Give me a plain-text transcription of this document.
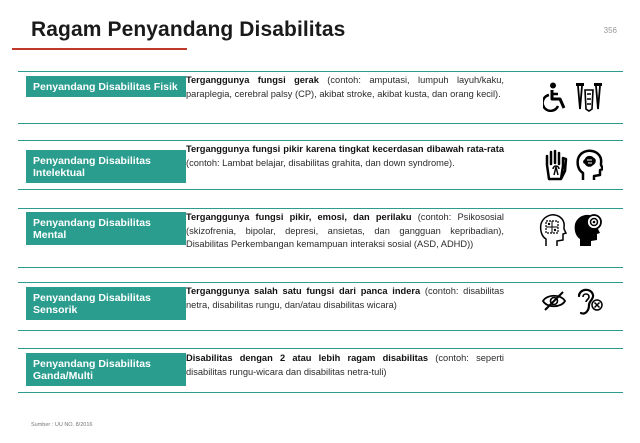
Ragam Penyandang Disabilitas	356
Penyandang Disabilitas Fisik
Terganggunya fungsi gerak (contoh: amputasi, lumpuh layuh/kaku, paraplegia, cerebral palsy (CP), akibat stroke, akibat kusta, dan orang kecil).
Penyandang Disabilitas Intelektual
Terganggunya fungsi pikir karena tingkat kecerdasan dibawah rata-rata (contoh: Lambat belajar, disabilitas grahita, dan down syndrome).
Penyandang Disabilitas Mental
Terganggunya fungsi pikir, emosi, dan perilaku (contoh: Psikososial (skizofrenia, bipolar, depresi, ansietas, dan gangguan kepribadian), Disabilitas Perkembangan kemampuan interaksi sosial (ASD, ADHD))
Penyandang Disabilitas Sensorik
Terganggunya salah satu fungsi dari panca indera (contoh: disabilitas netra, disabilitas rungu, dan/atau disabilitas wicara)
Penyandang Disabilitas Ganda/Multi
Disabilitas dengan 2 atau lebih ragam disabilitas (contoh: seperti disabilitas rungu-wicara dan disabilitas netra-tuli)
Sumber : UU NO. 8/2016
